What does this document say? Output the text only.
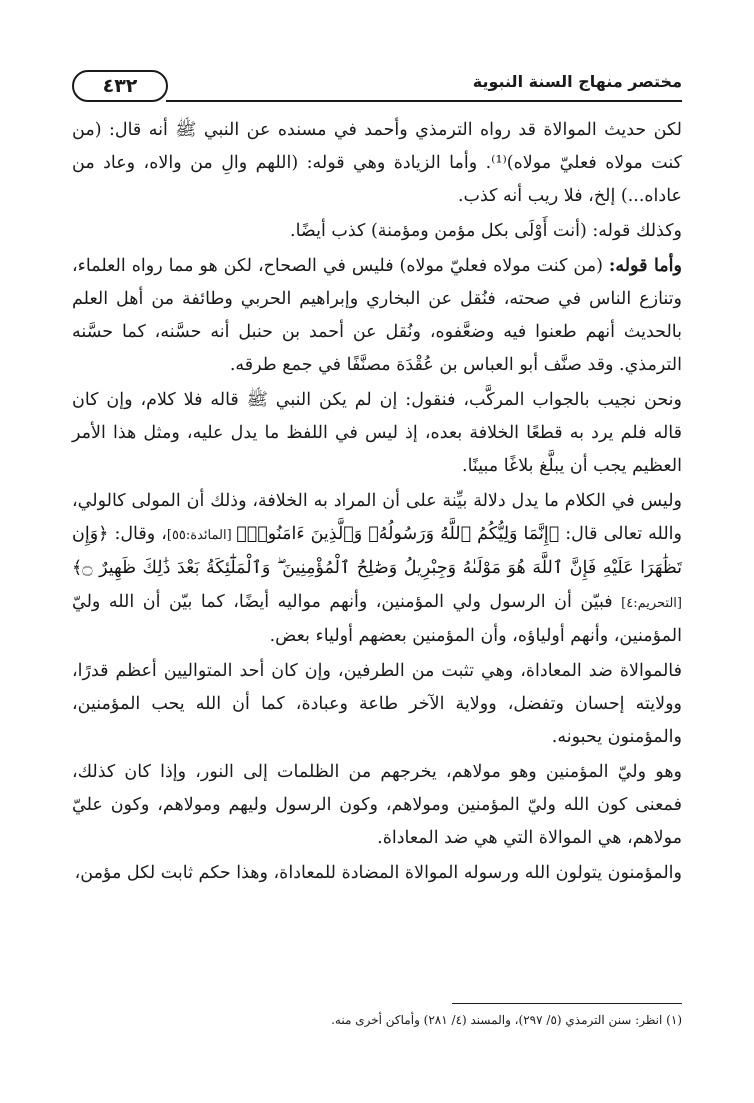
٤٣٢	مختصر منهاج السنة النبوية

لكن حديث الموالاة قد رواه الترمذي وأحمد في مسنده عن النبي ﷺ أنه قال: (من كنت مولاه فعليّ مولاه)⁽¹⁾. وأما الزيادة وهي قوله: (اللهم والِ من والاه، وعاد من عاداه...) إلخ، فلا ريب أنه كذب.

وكذلك قوله: (أنت أَوْلَى بكل مؤمن ومؤمنة) كذب أيضًا.

وأما قوله: (من كنت مولاه فعليّ مولاه) فليس في الصحاح، لكن هو مما رواه العلماء، وتنازع الناس في صحته، فنُقل عن البخاري وإبراهيم الحربي وطائفة من أهل العلم بالحديث أنهم طعنوا فيه وضعَّفوه، ونُقل عن أحمد بن حنبل أنه حسَّنه، كما حسَّنه الترمذي. وقد صنَّف أبو العباس بن عُقْدَة مصنَّفًا في جمع طرقه.

ونحن نجيب بالجواب المركَّب، فنقول: إن لم يكن النبي ﷺ قاله فلا كلام، وإن كان قاله فلم يرد به قطعًا الخلافة بعده، إذ ليس في اللفظ ما يدل عليه، ومثل هذا الأمر العظيم يجب أن يبلَّغ بلاغًا مبينًا.

وليس في الكلام ما يدل دلالة بيِّنة على أن المراد به الخلافة، وذلك أن المولى كالولي، والله تعالى قال: ﴿إِنَّمَا وَلِيُّكُمُ ٱللَّهُ وَرَسُولُهُۥ وَٱلَّذِينَ ءَامَنُوا۟﴾ [المائدة:٥٥]، وقال: ﴿وَإِن تَظَٰهَرَا عَلَيْهِ فَإِنَّ ٱللَّهَ هُوَ مَوْلَىٰهُ وَجِبْرِيلُ وَصَٰلِحُ ٱلْمُؤْمِنِينَ ۖ وَٱلْمَلَٰٓئِكَةُ بَعْدَ ذَٰلِكَ ظَهِيرٌ ۝﴾ [التحريم:٤] فبيّن أن الرسول ولي المؤمنين، وأنهم مواليه أيضًا، كما بيّن أن الله وليّ المؤمنين، وأنهم أولياؤه، وأن المؤمنين بعضهم أولياء بعض.

فالموالاة ضد المعاداة، وهي تثبت من الطرفين، وإن كان أحد المتواليين أعظم قدرًا، وولايته إحسان وتفضل، وولاية الآخر طاعة وعبادة، كما أن الله يحب المؤمنين، والمؤمنون يحبونه.

وهو وليّ المؤمنين وهو مولاهم، يخرجهم من الظلمات إلى النور، وإذا كان كذلك، فمعنى كون الله وليّ المؤمنين ومولاهم، وكون الرسول وليهم ومولاهم، وكون عليّ مولاهم، هي الموالاة التي هي ضد المعاداة.

والمؤمنون يتولون الله ورسوله الموالاة المضادة للمعاداة، وهذا حكم ثابت لكل مؤمن،

(١) انظر: سنن الترمذي (٥/ ٢٩٧)، والمسند (٤/ ٢٨١) وأماكن أخرى منه.
